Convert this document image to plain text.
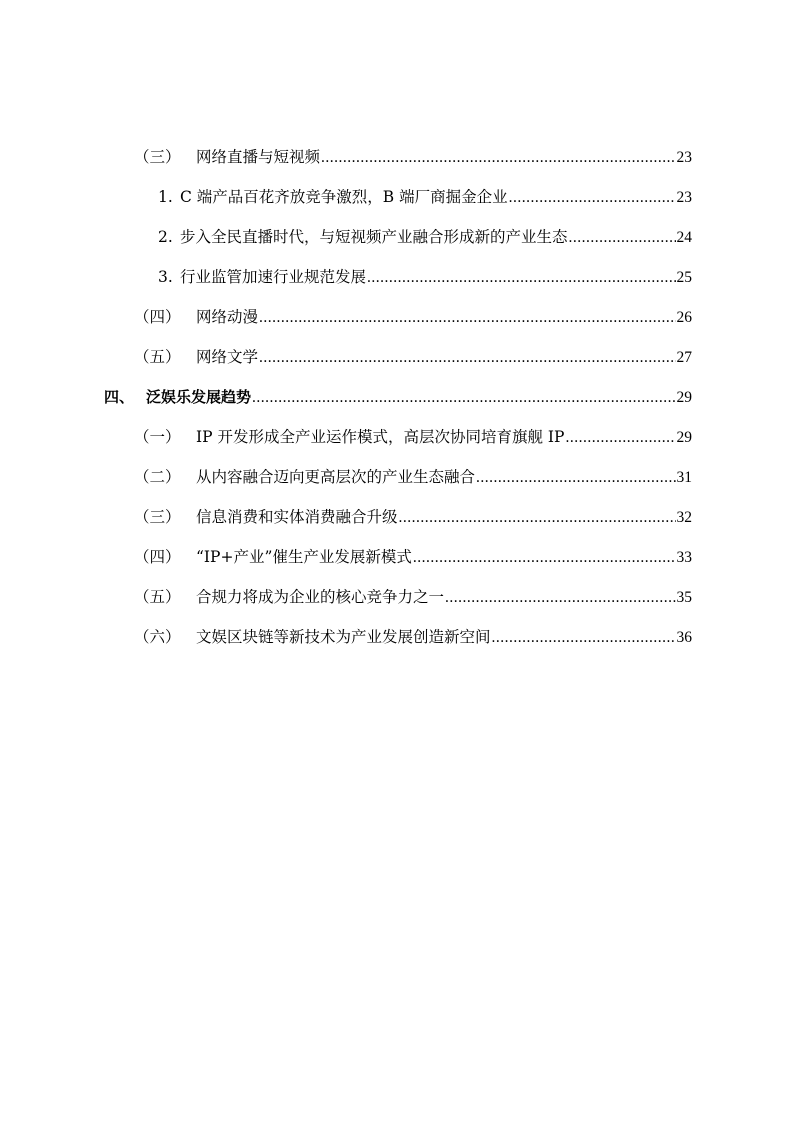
（三） 网络直播与短视频 .....	23
1. C 端产品百花齐放竞争激烈，B 端厂商掘金企业 .....	23
2. 步入全民直播时代，与短视频产业融合形成新的产业生态 .....	24
3. 行业监管加速行业规范发展 .....	25
（四） 网络动漫 .....	26
（五） 网络文学 .....	27
四、 泛娱乐发展趋势 .....	29
（一） IP 开发形成全产业运作模式，高层次协同培育旗舰 IP .....	29
（二） 从内容融合迈向更高层次的产业生态融合 .....	31
（三） 信息消费和实体消费融合升级 .....	32
（四） “IP+产业”催生产业发展新模式 .....	33
（五） 合规力将成为企业的核心竞争力之一 .....	35
（六） 文娱区块链等新技术为产业发展创造新空间 .....	36
